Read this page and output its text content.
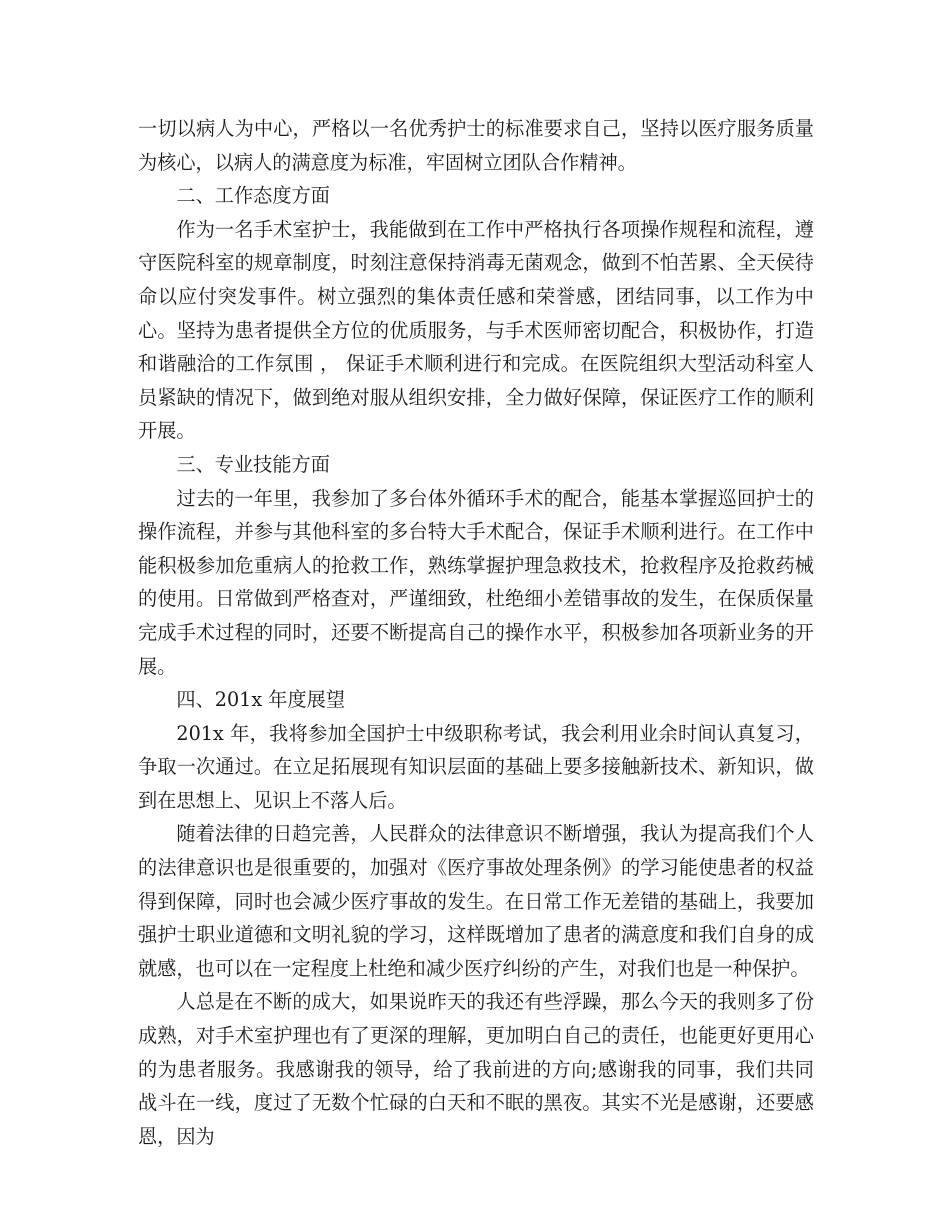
一切以病人为中心，严格以一名优秀护士的标准要求自己，坚持以医疗服务质量为核心，以病人的满意度为标准，牢固树立团队合作精神。

二、工作态度方面

作为一名手术室护士，我能做到在工作中严格执行各项操作规程和流程，遵守医院科室的规章制度，时刻注意保持消毒无菌观念，做到不怕苦累、全天侯待命以应付突发事件。树立强烈的集体责任感和荣誉感，团结同事，以工作为中心。坚持为患者提供全方位的优质服务，与手术医师密切配合，积极协作，打造和谐融洽的工作氛围 ， 保证手术顺利进行和完成。在医院组织大型活动科室人员紧缺的情况下，做到绝对服从组织安排，全力做好保障，保证医疗工作的顺利开展。

三、专业技能方面

过去的一年里，我参加了多台体外循环手术的配合，能基本掌握巡回护士的操作流程，并参与其他科室的多台特大手术配合，保证手术顺利进行。在工作中能积极参加危重病人的抢救工作，熟练掌握护理急救技术，抢救程序及抢救药械的使用。日常做到严格查对，严谨细致，杜绝细小差错事故的发生，在保质保量完成手术过程的同时，还要不断提高自己的操作水平，积极参加各项新业务的开展。

四、201x 年度展望

201x 年，我将参加全国护士中级职称考试，我会利用业余时间认真复习，争取一次通过。在立足拓展现有知识层面的基础上要多接触新技术、新知识，做到在思想上、见识上不落人后。

随着法律的日趋完善，人民群众的法律意识不断增强，我认为提高我们个人的法律意识也是很重要的，加强对《医疗事故处理条例》的学习能使患者的权益得到保障，同时也会减少医疗事故的发生。在日常工作无差错的基础上，我要加强护士职业道德和文明礼貌的学习，这样既增加了患者的满意度和我们自身的成就感，也可以在一定程度上杜绝和减少医疗纠纷的产生，对我们也是一种保护。

人总是在不断的成大，如果说昨天的我还有些浮躁，那么今天的我则多了份成熟，对手术室护理也有了更深的理解，更加明白自己的责任，也能更好更用心的为患者服务。我感谢我的领导，给了我前进的方向;感谢我的同事，我们共同战斗在一线，度过了无数个忙碌的白天和不眠的黑夜。其实不光是感谢，还要感恩，因为
